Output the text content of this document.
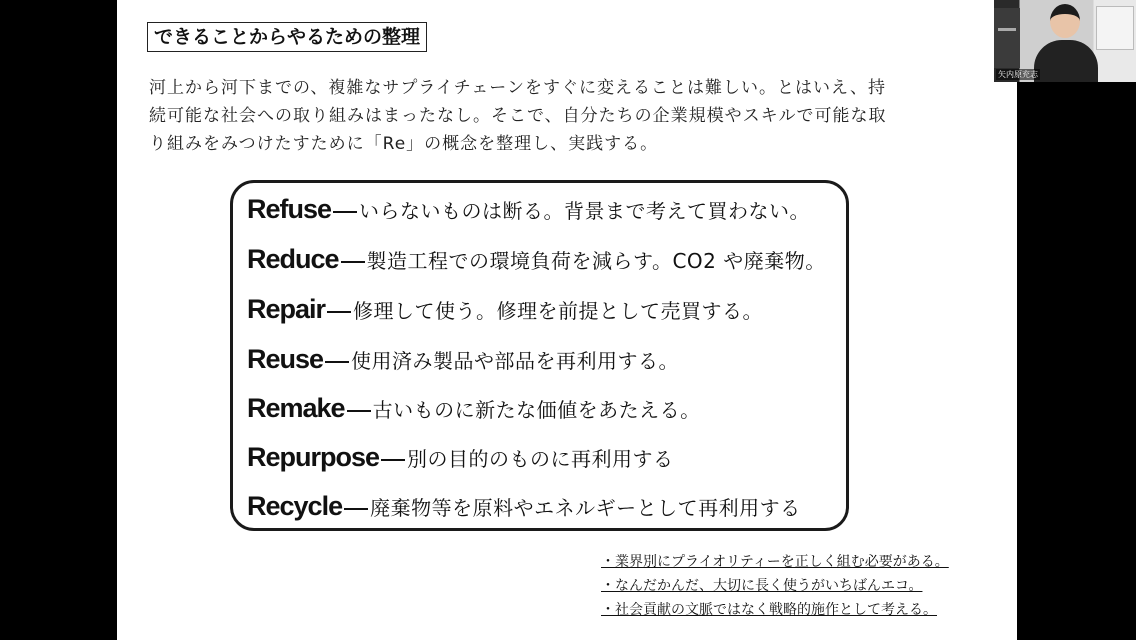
できることからやるための整理

河上から河下までの、複雑なサプライチェーンをすぐに変えることは難しい。とはいえ、持
続可能な社会への取り組みはまったなし。そこで、自分たちの企業規模やスキルで可能な取
り組みをみつけたすために「Re」の概念を整理し、実践する。

Refuse いらないものは断る。背景まで考えて買わない。
Reduce 製造工程での環境負荷を減らす。CO2 や廃棄物。
Repair 修理して使う。修理を前提として売買する。
Reuse 使用済み製品や部品を再利用する。
Remake 古いものに新たな価値をあたえる。
Repurpose 別の目的のものに再利用する
Recycle 廃棄物等を原料やエネルギーとして再利用する
・業界別にプライオリティーを正しく組む必要がある。
・なんだかんだ、大切に長く使うがいちばんエコ。
・社会貢献の文脈ではなく戦略的施作として考える。
矢内原充志
